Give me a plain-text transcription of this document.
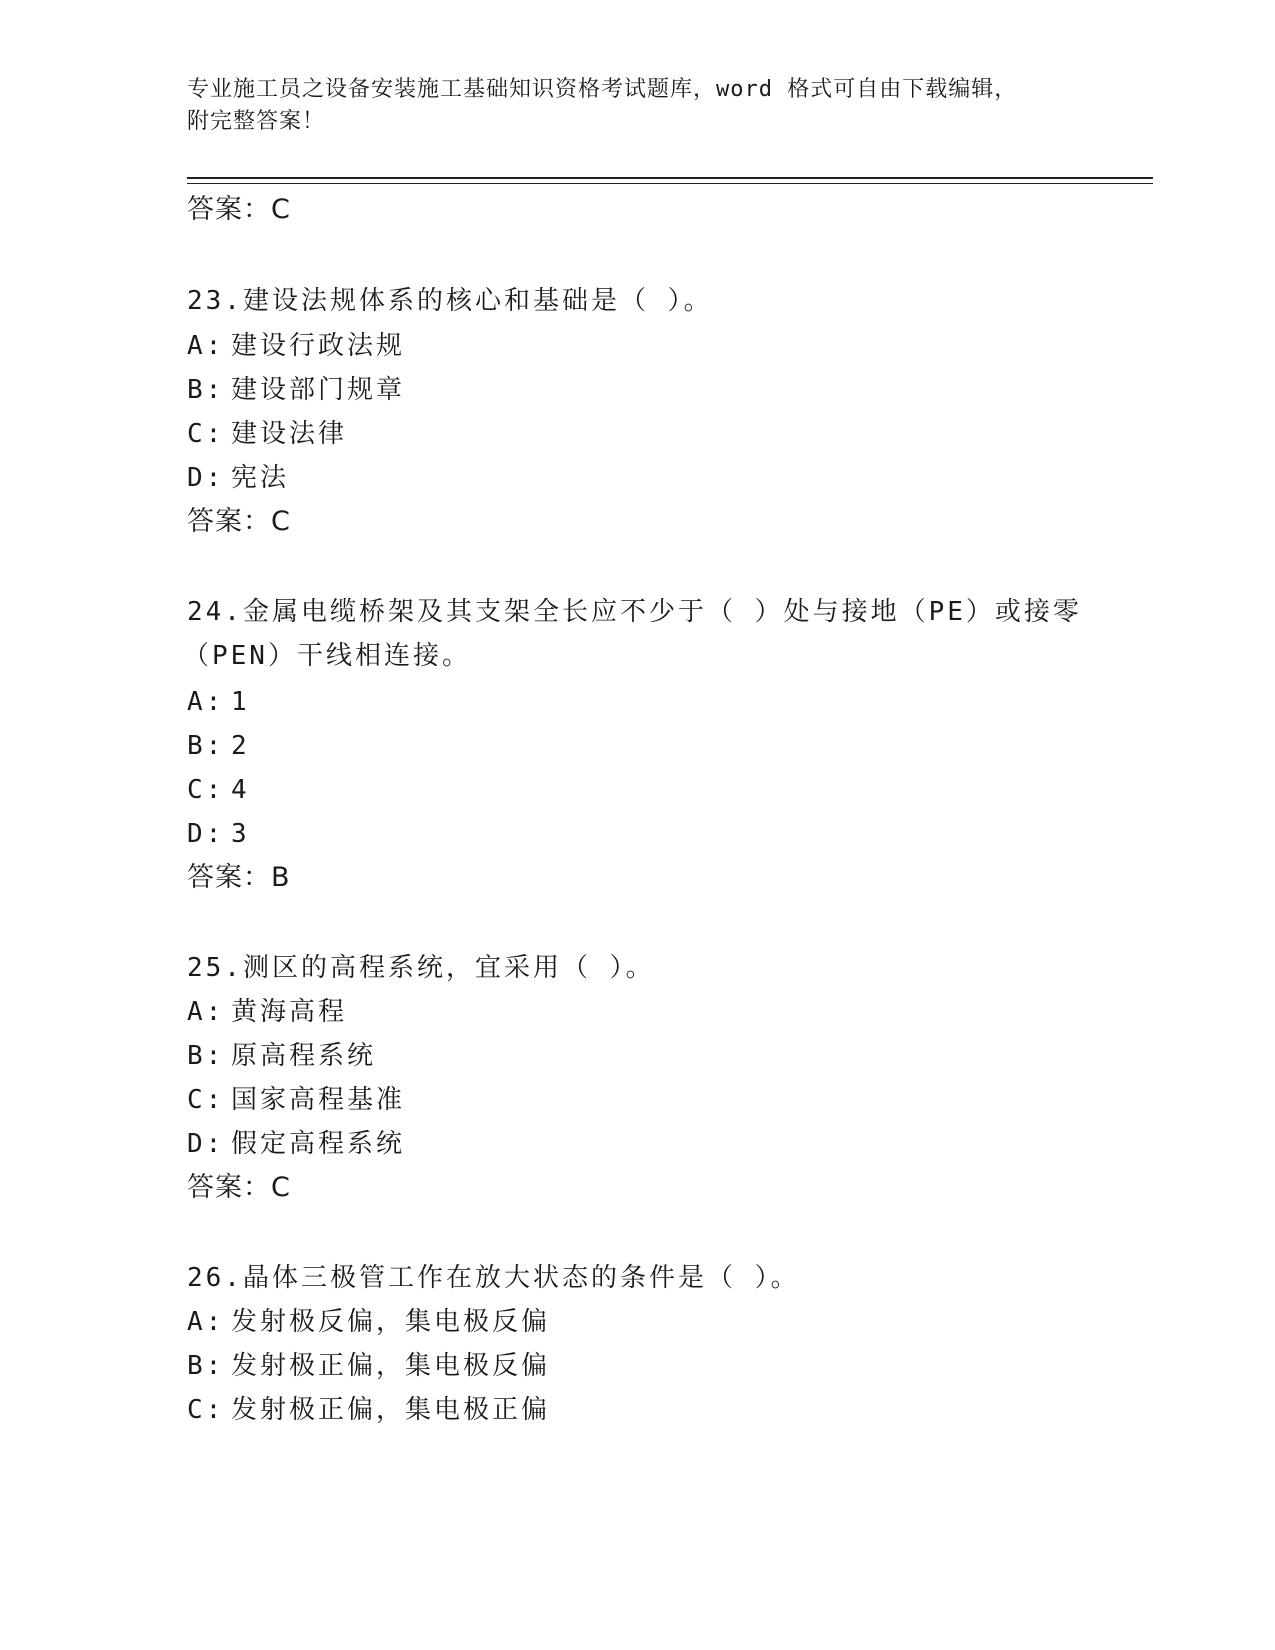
专业施工员之设备安装施工基础知识资格考试题库，word 格式可自由下载编辑，
附完整答案！
答案：C
23.建设法规体系的核心和基础是（ ）。
A: 建设行政法规
B: 建设部门规章
C: 建设法律
D: 宪法
答案：C
24.金属电缆桥架及其支架全长应不少于（ ）处与接地（PE）或接零
（PEN）干线相连接。
A: 1
B: 2
C: 4
D: 3
答案：B
25.测区的高程系统，宜采用（ ）。
A: 黄海高程
B: 原高程系统
C: 国家高程基准
D: 假定高程系统
答案：C
26.晶体三极管工作在放大状态的条件是（ ）。
A: 发射极反偏，集电极反偏
B: 发射极正偏，集电极反偏
C: 发射极正偏，集电极正偏
